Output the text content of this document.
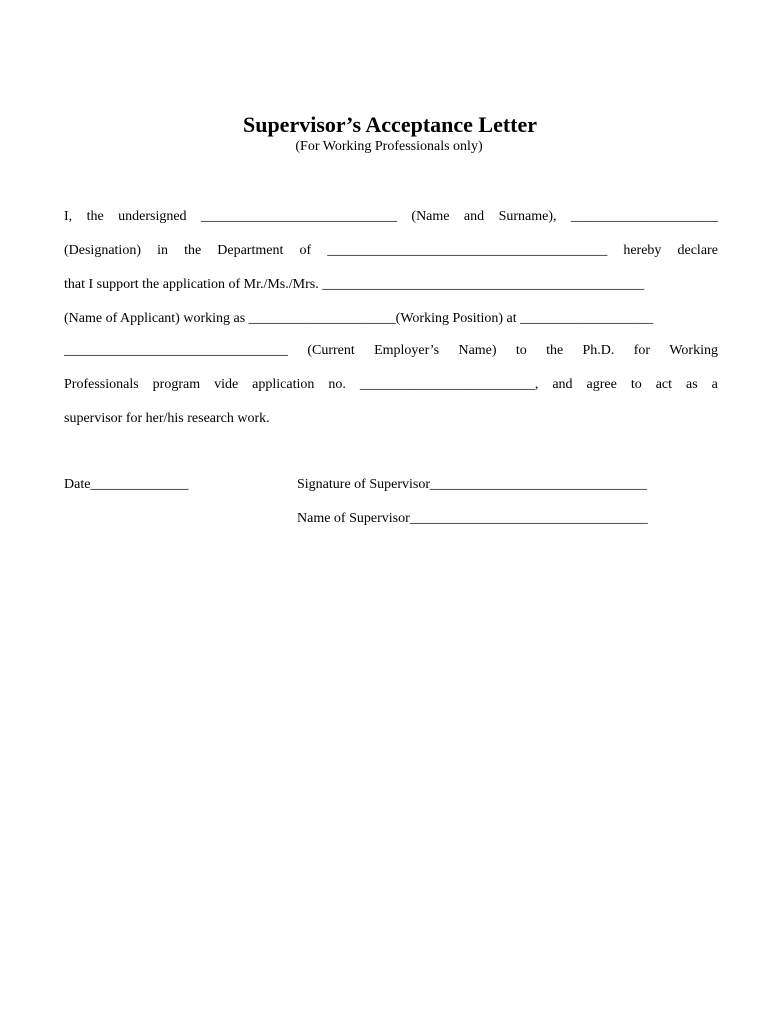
Supervisor’s Acceptance Letter
(For Working Professionals only)
I, the undersigned ____________________________ (Name and Surname), _____________________
(Designation) in the Department of ________________________________________ hereby declare
that I support the application of Mr./Ms./Mrs. ______________________________________________
(Name of Applicant) working as _____________________(Working Position) at ___________________
________________________________ (Current Employer’s Name) to the Ph.D. for Working
Professionals program vide application no. _________________________, and agree to act as a
supervisor for her/his research work.
Date______________	Signature of Supervisor_______________________________
Name of Supervisor__________________________________
